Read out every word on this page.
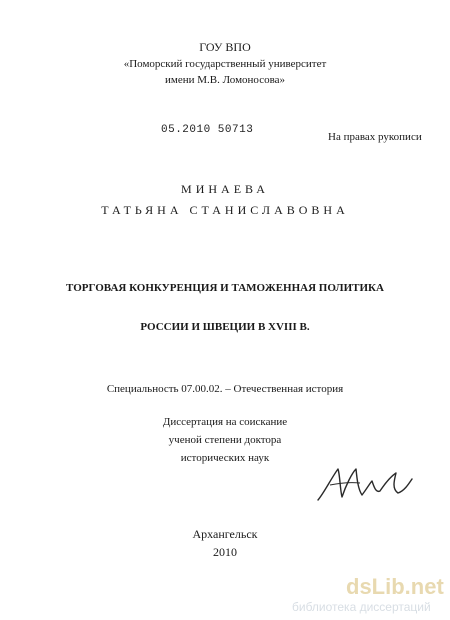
ГОУ ВПО
«Поморский государственный университет
имени М.В. Ломоносова»
05.2010 50713
На правах рукописи
МИНАЕВА
ТАТЬЯНА СТАНИСЛАВОВНА
ТОРГОВАЯ КОНКУРЕНЦИЯ И ТАМОЖЕННАЯ ПОЛИТИКА
РОССИИ И ШВЕЦИИ В XVIII В.
Специальность 07.00.02. – Отечественная история
Диссертация на соискание
ученой степени доктора
исторических наук
Архангельск
2010
dsLib.net
библиотека диссертаций
